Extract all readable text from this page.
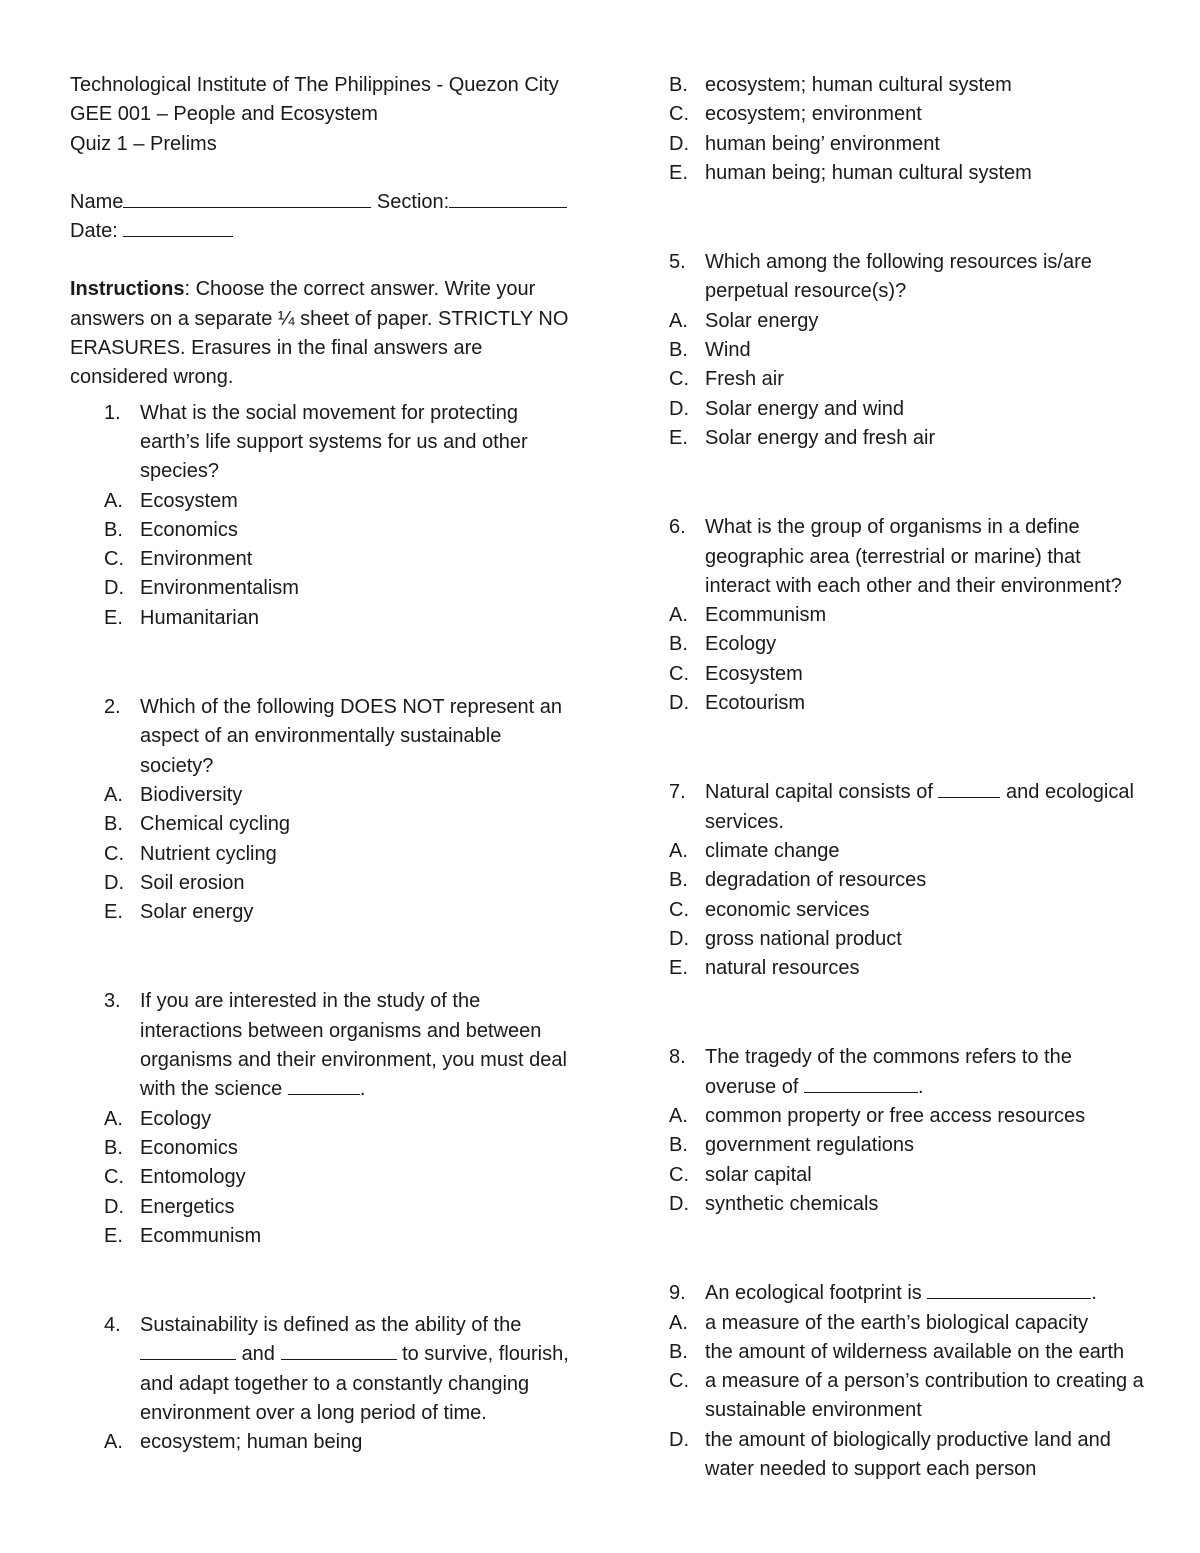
Technological Institute of The Philippines - Quezon City
GEE 001 – People and Ecosystem
Quiz 1 – Prelims
Name	Section:
Date:
Instructions: Choose the correct answer. Write your
answers on a separate ¼ sheet of paper. STRICTLY NO
ERASURES. Erasures in the final answers are
considered wrong.
1. What is the social movement for protecting
earth’s life support systems for us and other
species?
A. Ecosystem
B. Economics
C. Environment
D. Environmentalism
E. Humanitarian
2. Which of the following DOES NOT represent an
aspect of an environmentally sustainable
society?
A. Biodiversity
B. Chemical cycling
C. Nutrient cycling
D. Soil erosion
E. Solar energy
3. If you are interested in the study of the
interactions between organisms and between
organisms and their environment, you must deal
with the science	.
A. Ecology
B. Economics
C. Entomology
D. Energetics
E. Ecommunism
4. Sustainability is defined as the ability of the
and	to survive, flourish,
and adapt together to a constantly changing
environment over a long period of time.
A. ecosystem; human being
B. ecosystem; human cultural system
C. ecosystem; environment
D. human being’ environment
E. human being; human cultural system
5. Which among the following resources is/are
perpetual resource(s)?
A. Solar energy
B. Wind
C. Fresh air
D. Solar energy and wind
E. Solar energy and fresh air
6. What is the group of organisms in a define
geographic area (terrestrial or marine) that
interact with each other and their environment?
A. Ecommunism
B. Ecology
C. Ecosystem
D. Ecotourism
7. Natural capital consists of	and ecological
services.
A. climate change
B. degradation of resources
C. economic services
D. gross national product
E. natural resources
8. The tragedy of the commons refers to the
overuse of	.
A. common property or free access resources
B. government regulations
C. solar capital
D. synthetic chemicals
9. An ecological footprint is	.
A. a measure of the earth’s biological capacity
B. the amount of wilderness available on the earth
C. a measure of a person’s contribution to creating a
sustainable environment
D. the amount of biologically productive land and
water needed to support each person
